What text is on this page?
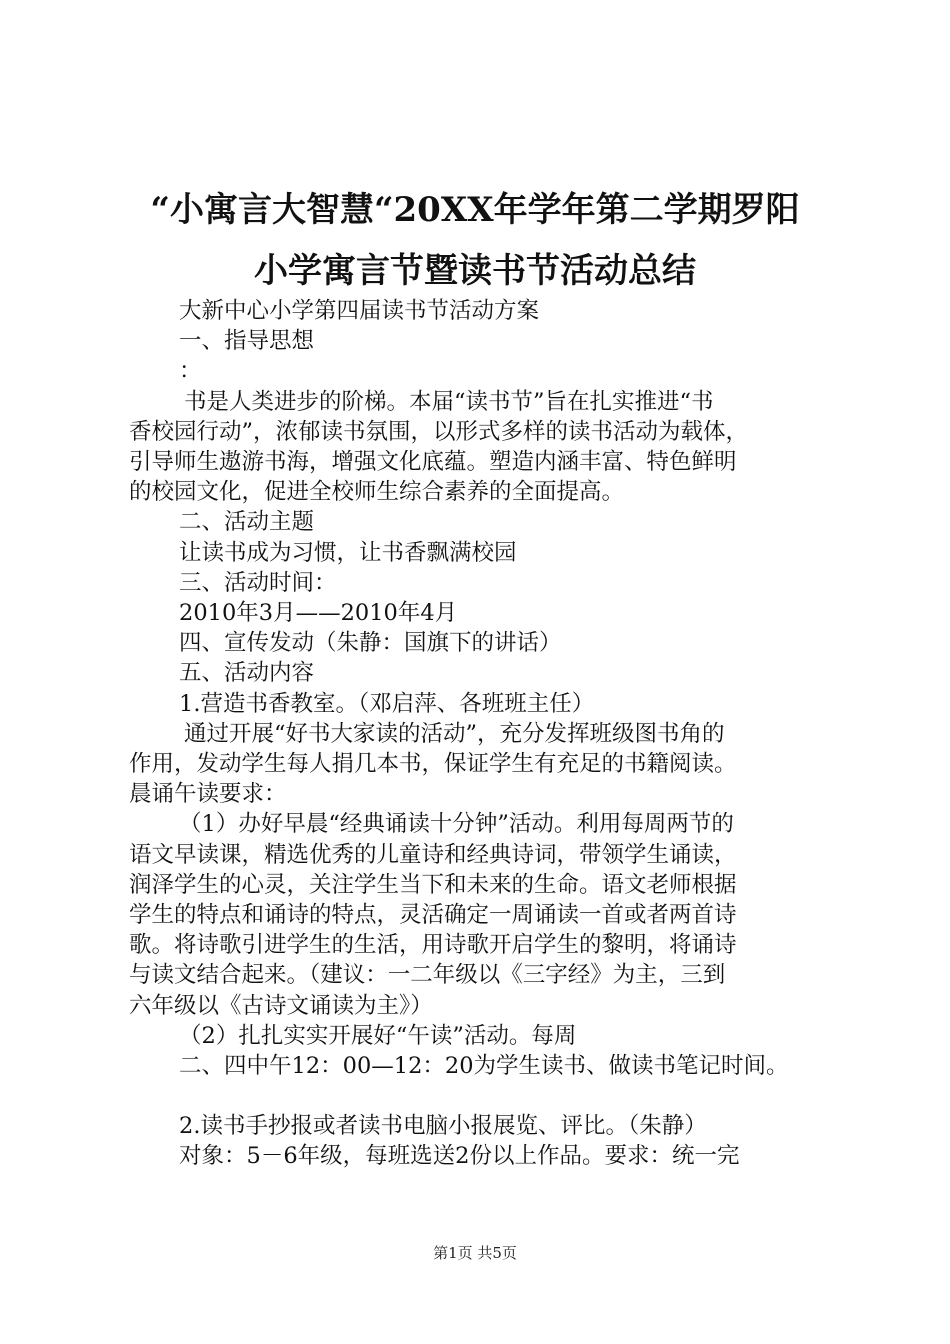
“小寓言大智慧“20XX年学年第二学期罗阳
小学寓言节暨读书节活动总结

大新中心小学第四届读书节活动方案

一、指导思想

：

书是人类进步的阶梯。本届“读书节”旨在扎实推进“书

香校园行动”，浓郁读书氛围，以形式多样的读书活动为载体，

引导师生遨游书海，增强文化底蕴。塑造内涵丰富、特色鲜明

的校园文化，促进全校师生综合素养的全面提高。

二、活动主题

让读书成为习惯，让书香飘满校园

三、活动时间：

2010年3月——2010年4月

四、宣传发动（朱静：国旗下的讲话）

五、活动内容

1.营造书香教室。（邓启萍、各班班主任）

通过开展“好书大家读的活动”，充分发挥班级图书角的

作用，发动学生每人捐几本书，保证学生有充足的书籍阅读。

晨诵午读要求：

（1）办好早晨“经典诵读十分钟”活动。利用每周两节的

语文早读课，精选优秀的儿童诗和经典诗词，带领学生诵读，

润泽学生的心灵，关注学生当下和未来的生命。语文老师根据

学生的特点和诵诗的特点，灵活确定一周诵读一首或者两首诗

歌。将诗歌引进学生的生活，用诗歌开启学生的黎明，将诵诗

与读文结合起来。（建议：一二年级以《三字经》为主，三到

六年级以《古诗文诵读为主》）

（2）扎扎实实开展好“午读”活动。每周

二、四中午12：00—12：20为学生读书、做读书笔记时间。

2.读书手抄报或者读书电脑小报展览、评比。（朱静）

对象：5－6年级，每班选送2份以上作品。要求：统一完

第1页 共5页
